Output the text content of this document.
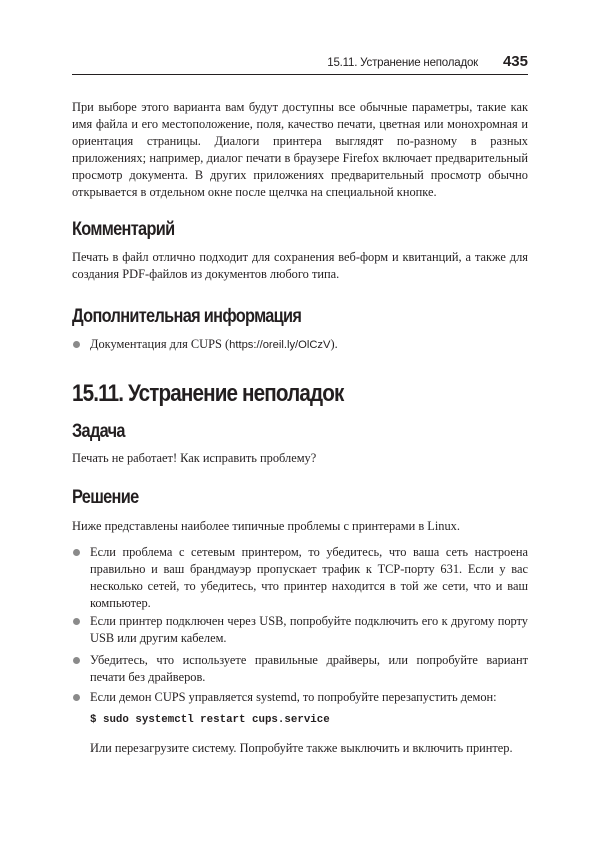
15.11. Устранение неполадок 435

При выборе этого варианта вам будут доступны все обычные параметры, такие как имя файла и его местоположение, поля, качество печати, цветная или монохромная и ориентация страницы. Диалоги принтера выглядят по-разному в разных приложениях; например, диалог печати в браузере Firefox включает предварительный просмотр документа. В других приложениях предварительный просмотр обычно открывается в отдельном окне после щелчка на специальной кнопке.

Комментарий

Печать в файл отлично подходит для сохранения веб-форм и квитанций, а также для создания PDF-файлов из документов любого типа.

Дополнительная информация

Документация для CUPS (https://oreil.ly/OlCzV).

15.11. Устранение неполадок
Задача

Печать не работает! Как исправить проблему?

Решение

Ниже представлены наиболее типичные проблемы с принтерами в Linux.

Если проблема с сетевым принтером, то убедитесь, что ваша сеть настроена правильно и ваш брандмауэр пропускает трафик к TCP-порту 631. Если у вас несколько сетей, то убедитесь, что принтер находится в той же сети, что и ваш компьютер.

Если принтер подключен через USB, попробуйте подключить его к другому порту USB или другим кабелем.

Убедитесь, что используете правильные драйверы, или попробуйте вариант печати без драйверов.

Если демон CUPS управляется systemd, то попробуйте перезапустить демон:

$ sudo systemctl restart cups.service

Или перезагрузите систему. Попробуйте также выключить и включить принтер.
